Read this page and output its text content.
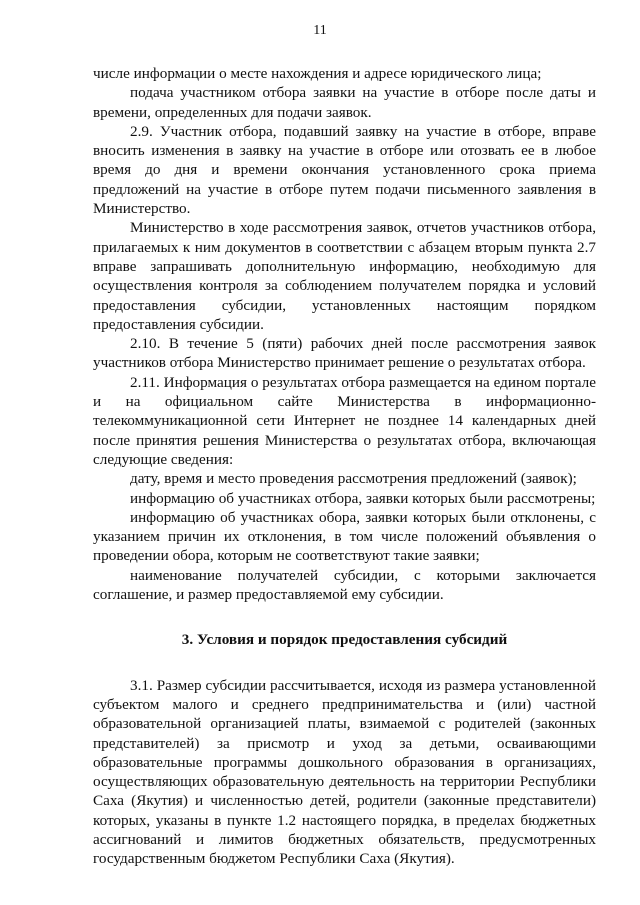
11

числе информации о месте нахождения и адресе юридического лица;

подача участником отбора заявки на участие в отборе после даты и времени, определенных для подачи заявок.

2.9. Участник отбора, подавший заявку на участие в отборе, вправе вносить изменения в заявку на участие в отборе или отозвать ее в любое время до дня и времени окончания установленного срока приема предложений на участие в отборе путем подачи письменного заявления в Министерство.

Министерство в ходе рассмотрения заявок, отчетов участников отбора, прилагаемых к ним документов в соответствии с абзацем вторым пункта 2.7 вправе запрашивать дополнительную информацию, необходимую для осуществления контроля за соблюдением получателем порядка и условий предоставления субсидии, установленных настоящим порядком предоставления субсидии.

2.10. В течение 5 (пяти) рабочих дней после рассмотрения заявок участников отбора Министерство принимает решение о результатах отбора.

2.11. Информация о результатах отбора размещается на едином портале и на официальном сайте Министерства в информационно-телекоммуникационной сети Интернет не позднее 14 календарных дней после принятия решения Министерства о результатах отбора, включающая следующие сведения:

дату, время и место проведения рассмотрения предложений (заявок);

информацию об участниках отбора, заявки которых были рассмотрены;

информацию об участниках обора, заявки которых были отклонены, с указанием причин их отклонения, в том числе положений объявления о проведении обора, которым не соответствуют такие заявки;

наименование получателей субсидии, с которыми заключается соглашение, и размер предоставляемой ему субсидии.

3. Условия и порядок предоставления субсидий

3.1. Размер субсидии рассчитывается, исходя из размера установленной субъектом малого и среднего предпринимательства и (или) частной образовательной организацией платы, взимаемой с родителей (законных представителей) за присмотр и уход за детьми, осваивающими образовательные программы дошкольного образования в организациях, осуществляющих образовательную деятельность на территории Республики Саха (Якутия) и численностью детей, родители (законные представители) которых, указаны в пункте 1.2 настоящего порядка, в пределах бюджетных ассигнований и лимитов бюджетных обязательств, предусмотренных государственным бюджетом Республики Саха (Якутия).
